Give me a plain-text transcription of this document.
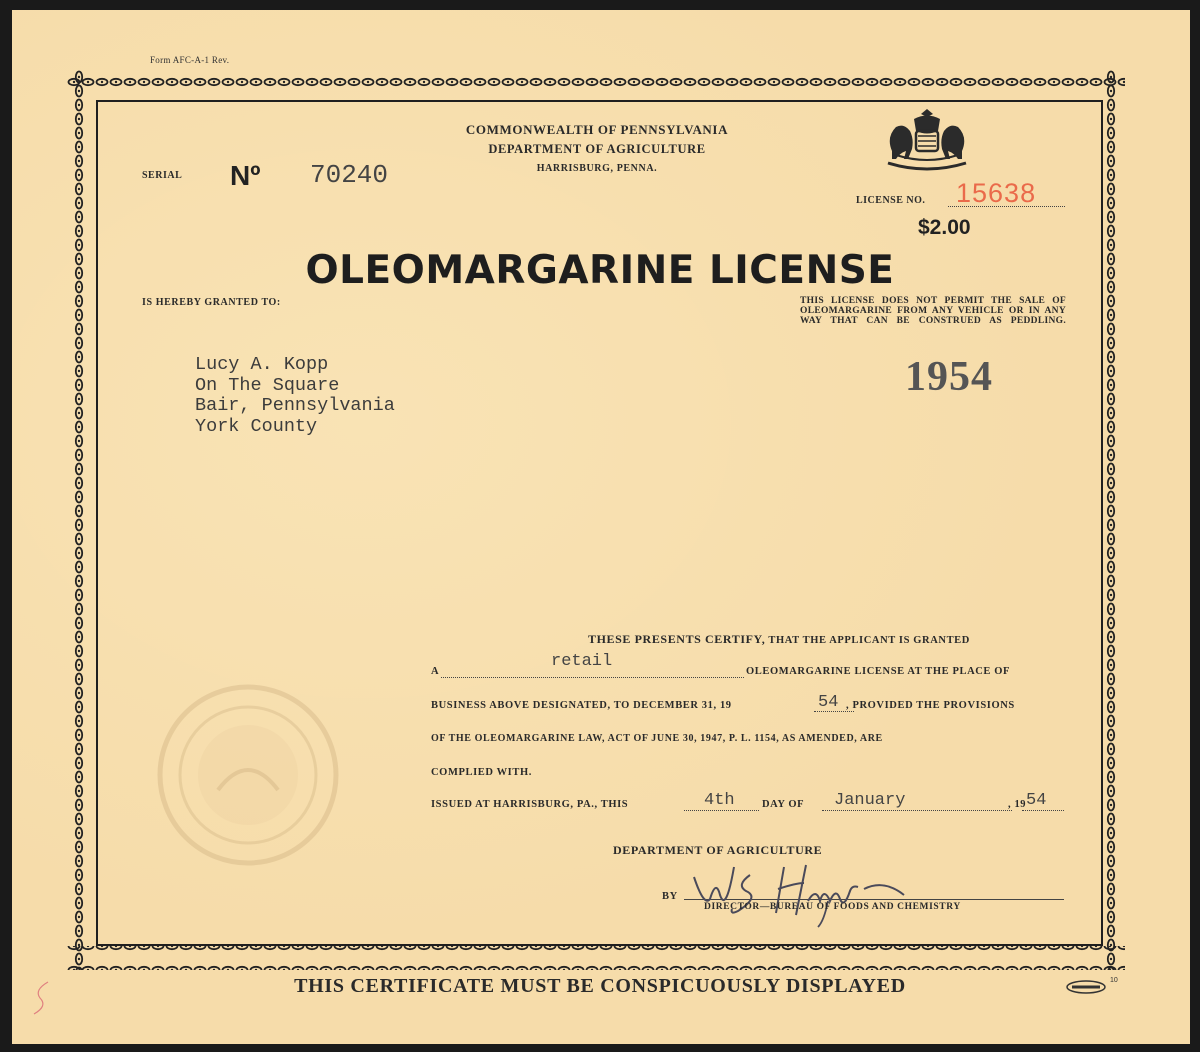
Form AFC-A-1 Rev.
COMMONWEALTH OF PENNSYLVANIA
DEPARTMENT OF AGRICULTURE
HARRISBURG, PENNA.
SERIAL Nº 70240
LICENSE NO. 15638
$2.00
OLEOMARGARINE LICENSE
IS HEREBY GRANTED TO:	THIS LICENSE DOES NOT PERMIT THE SALE OF OLEOMARGARINE FROM ANY VEHICLE OR IN ANY WAY THAT CAN BE CONSTRUED AS PEDDLING.
1954
Lucy A. Kopp
On The Square
Bair, Pennsylvania
York County
THESE PRESENTS CERTIFY, THAT THE APPLICANT IS GRANTED
A
retail
OLEOMARGARINE LICENSE AT THE PLACE OF
BUSINESS ABOVE DESIGNATED, TO DECEMBER 31, 19	54 , PROVIDED THE PROVISIONS
OF THE OLEOMARGARINE LAW, ACT OF JUNE 30, 1947, P. L. 1154, AS AMENDED, ARE
COMPLIED WITH.
ISSUED AT HARRISBURG, PA., THIS	4th	DAY OF January	, 19 54
DEPARTMENT OF AGRICULTURE
BY
DIRECTOR—BUREAU OF FOODS AND CHEMISTRY
THIS CERTIFICATE MUST BE CONSPICUOUSLY DISPLAYED	10
